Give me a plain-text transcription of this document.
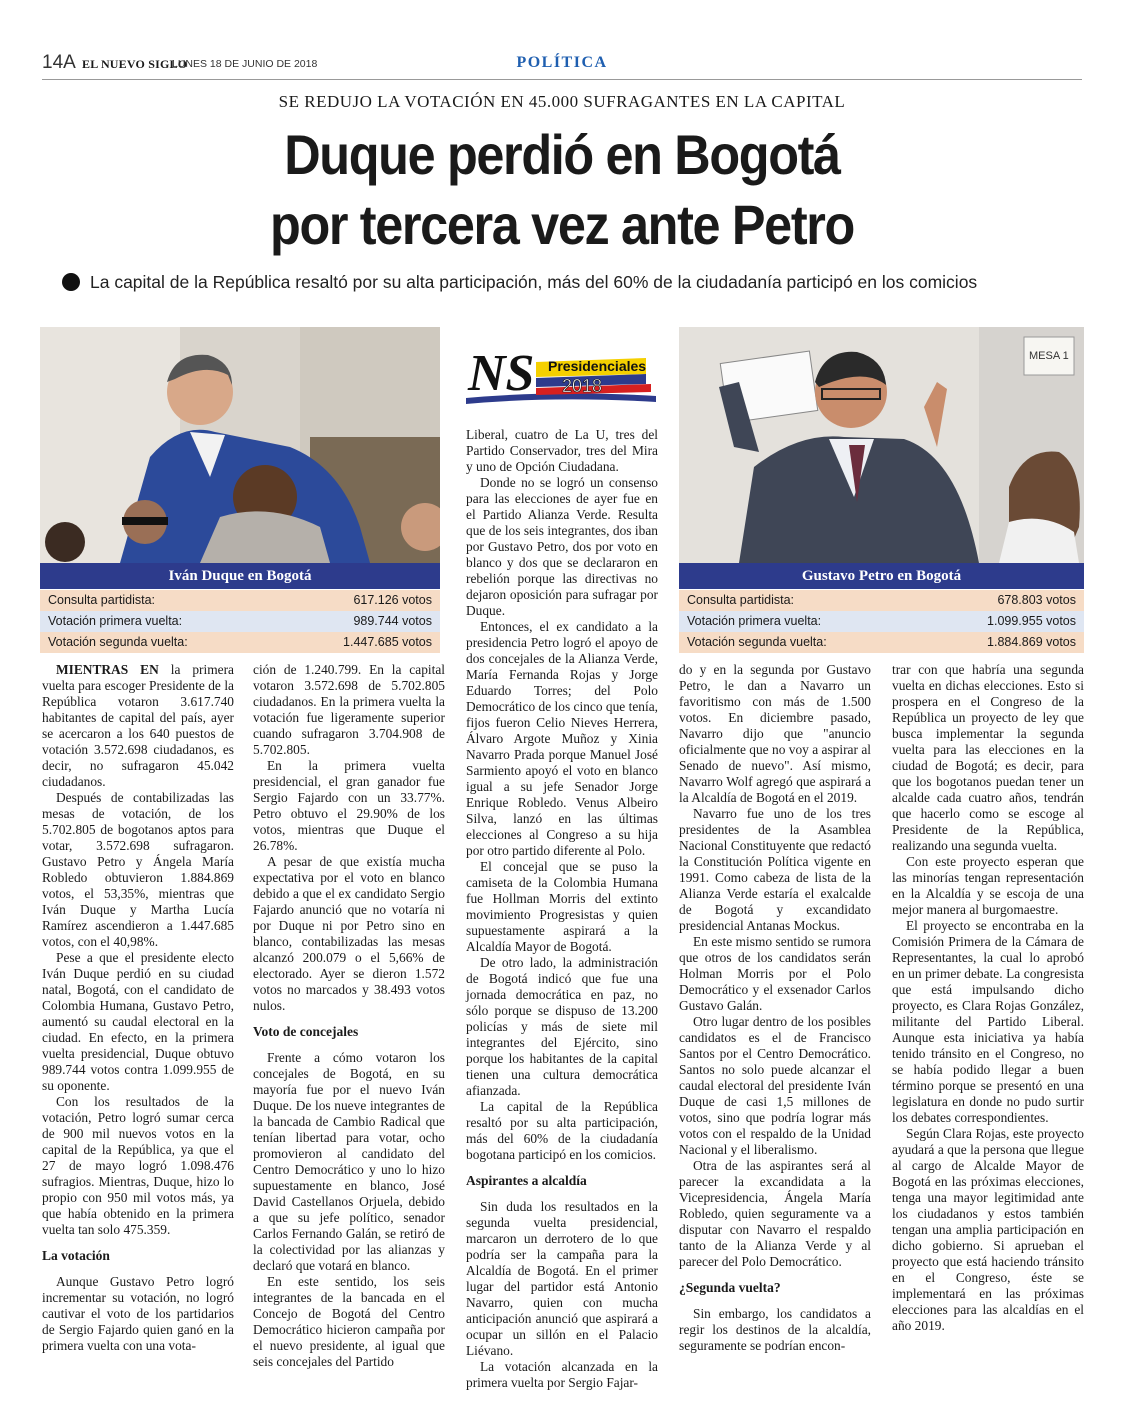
14A EL NUEVO SIGLO
LUNES 18 DE JUNIO DE 2018	POLÍTICA
SE REDUJO LA VOTACIÓN EN 45.000 SUFRAGANTES EN LA CAPITAL
Duque perdió en Bogotá
por tercera vez ante Petro
La capital de la República resaltó por su alta participación, más del 60% de la ciudadanía participó en los comicios
Iván Duque en Bogotá
Consulta partidista:	617.126 votos
Votación primera vuelta:	989.744 votos
Votación segunda vuelta:	1.447.685 votos
NS Presidenciales
2018
MESA 1
Gustavo Petro en Bogotá
Consulta partidista:	678.803 votos
Votación primera vuelta:	1.099.955 votos
Votación segunda vuelta:	1.884.869 votos

MIENTRAS EN la primera vuelta para escoger Presidente de la República votaron 3.617.740 habitantes de capital del país, ayer se acercaron a los 640 puestos de votación 3.572.698 ciudadanos, es decir, no sufragaron 45.042 ciudadanos.

Después de contabilizadas las mesas de votación, de los 5.702.805 de bogotanos aptos para votar, 3.572.698 sufragaron. Gustavo Petro y Ángela María Robledo obtuvieron 1.884.869 votos, el 53,35%, mientras que Iván Duque y Martha Lucía Ramírez ascendieron a 1.447.685 votos, con el 40,98%.

Pese a que el presidente electo Iván Duque perdió en su ciudad natal, Bogotá, con el candidato de Colombia Humana, Gustavo Petro, aumentó su caudal electoral en la ciudad. En efecto, en la primera vuelta presidencial, Duque obtuvo 989.744 votos contra 1.099.955 de su oponente.

Con los resultados de la votación, Petro logró sumar cerca de 900 mil nuevos votos en la capital de la República, ya que el 27 de mayo logró 1.098.476 sufragios. Mientras, Duque, hizo lo propio con 950 mil votos más, ya que había obtenido en la primera vuelta tan solo 475.359.

La votación

Aunque Gustavo Petro logró incrementar su votación, no logró cautivar el voto de los partidarios de Sergio Fajardo quien ganó en la primera vuelta con una vota-

ción de 1.240.799. En la capital votaron 3.572.698 de 5.702.805 ciudadanos. En la primera vuelta la votación fue ligeramente superior cuando sufragaron 3.704.908 de 5.702.805.

En la primera vuelta presidencial, el gran ganador fue Sergio Fajardo con un 33.77%. Petro obtuvo el 29.90% de los votos, mientras que Duque el 26.78%.

A pesar de que existía mucha expectativa por el voto en blanco debido a que el ex candidato Sergio Fajardo anunció que no votaría ni por Duque ni por Petro sino en blanco, contabilizadas las mesas alcanzó 200.079 o el 5,66% de electorado. Ayer se dieron 1.572 votos no marcados y 38.493 votos nulos.

Voto de concejales

Frente a cómo votaron los concejales de Bogotá, en su mayoría fue por el nuevo Iván Duque. De los nueve integrantes de la bancada de Cambio Radical que tenían libertad para votar, ocho promovieron al candidato del Centro Democrático y uno lo hizo supuestamente en blanco, José David Castellanos Orjuela, debido a que su jefe político, senador Carlos Fernando Galán, se retiró de la colectividad por las alianzas y declaró que votará en blanco.

En este sentido, los seis integrantes de la bancada en el Concejo de Bogotá del Centro Democrático hicieron campaña por el nuevo presidente, al igual que seis concejales del Partido

Liberal, cuatro de La U, tres del Partido Conservador, tres del Mira y uno de Opción Ciudadana.

Donde no se logró un consenso para las elecciones de ayer fue en el Partido Alianza Verde. Resulta que de los seis integrantes, dos iban por Gustavo Petro, dos por voto en blanco y dos que se declararon en rebelión porque las directivas no dejaron oposición para sufragar por Duque.

Entonces, el ex candidato a la presidencia Petro logró el apoyo de dos concejales de la Alianza Verde, María Fernanda Rojas y Jorge Eduardo Torres; del Polo Democrático de los cinco que tenía, fijos fueron Celio Nieves Herrera, Álvaro Argote Muñoz y Xinia Navarro Prada porque Manuel José Sarmiento apoyó el voto en blanco igual a su jefe Senador Jorge Enrique Robledo. Venus Albeiro Silva, lanzó en las últimas elecciones al Congreso a su hija por otro partido diferente al Polo.

El concejal que se puso la camiseta de la Colombia Humana fue Hollman Morris del extinto movimiento Progresistas y quien supuestamente aspirará a la Alcaldía Mayor de Bogotá.

De otro lado, la administración de Bogotá indicó que fue una jornada democrática en paz, no sólo porque se dispuso de 13.200 policías y más de siete mil integrantes del Ejército, sino porque los habitantes de la capital tienen una cultura democrática afianzada.

La capital de la República resaltó por su alta participación, más del 60% de la ciudadanía bogotana participó en los comicios.

Aspirantes a alcaldía

Sin duda los resultados en la segunda vuelta presidencial, marcaron un derrotero de lo que podría ser la campaña para la Alcaldía de Bogotá. En el primer lugar del partidor está Antonio Navarro, quien con mucha anticipación anunció que aspirará a ocupar un sillón en el Palacio Liévano.

La votación alcanzada en la primera vuelta por Sergio Fajar-

do y en la segunda por Gustavo Petro, le dan a Navarro un favoritismo con más de 1.500 votos. En diciembre pasado, Navarro dijo que "anuncio oficialmente que no voy a aspirar al Senado de nuevo". Así mismo, Navarro Wolf agregó que aspirará a la Alcaldía de Bogotá en el 2019.

Navarro fue uno de los tres presidentes de la Asamblea Nacional Constituyente que redactó la Constitución Política vigente en 1991. Como cabeza de lista de la Alianza Verde estaría el exalcalde de Bogotá y excandidato presidencial Antanas Mockus.

En este mismo sentido se rumora que otros de los candidatos serán Holman Morris por el Polo Democrático y el exsenador Carlos Gustavo Galán.

Otro lugar dentro de los posibles candidatos es el de Francisco Santos por el Centro Democrático. Santos no solo puede alcanzar el caudal electoral del presidente Iván Duque de casi 1,5 millones de votos, sino que podría lograr más votos con el respaldo de la Unidad Nacional y el liberalismo.

Otra de las aspirantes será al parecer la excandidata a la Vicepresidencia, Ángela María Robledo, quien seguramente va a disputar con Navarro el respaldo tanto de la Alianza Verde y al parecer del Polo Democrático.

¿Segunda vuelta?

Sin embargo, los candidatos a regir los destinos de la alcaldía, seguramente se podrían encon-

trar con que habría una segunda vuelta en dichas elecciones. Esto si prospera en el Congreso de la República un proyecto de ley que busca implementar la segunda vuelta para las elecciones en la ciudad de Bogotá; es decir, para que los bogotanos puedan tener un alcalde cada cuatro años, tendrán que hacerlo como se escoge al Presidente de la República, realizando una segunda vuelta.

Con este proyecto esperan que las minorías tengan representación en la Alcaldía y se escoja de una mejor manera al burgomaestre.

El proyecto se encontraba en la Comisión Primera de la Cámara de Representantes, la cual lo aprobó en un primer debate. La congresista que está impulsando dicho proyecto, es Clara Rojas González, militante del Partido Liberal. Aunque esta iniciativa ya había tenido tránsito en el Congreso, no se había podido llegar a buen término porque se presentó en una legislatura en donde no pudo surtir los debates correspondientes.

Según Clara Rojas, este proyecto ayudará a que la persona que llegue al cargo de Alcalde Mayor de Bogotá en las próximas elecciones, tenga una mayor legitimidad ante los ciudadanos y estos también tengan una amplia participación en dicho gobierno. Si aprueban el proyecto que está haciendo tránsito en el Congreso, éste se implementará en las próximas elecciones para las alcaldías en el año 2019.
